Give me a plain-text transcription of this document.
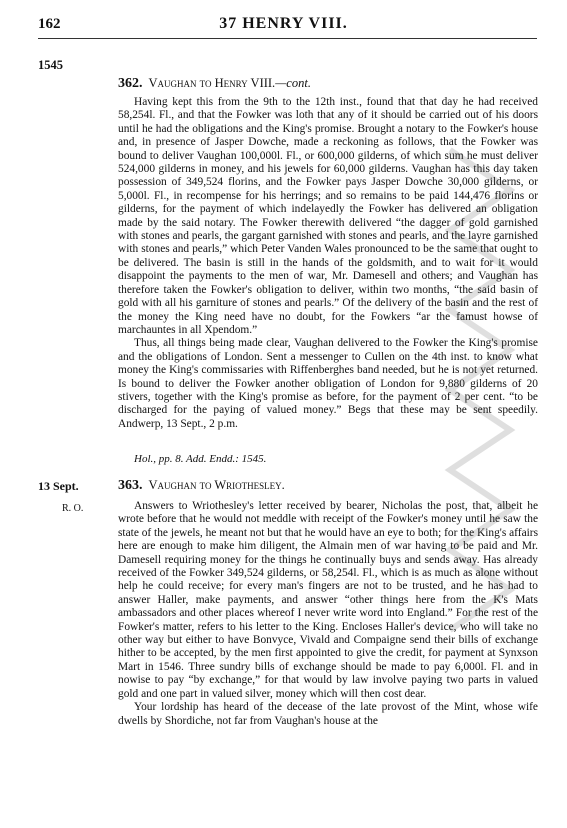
162	37 HENRY VIII.
1545
362. Vaughan to Henry VIII.—cont.

Having kept this from the 9th to the 12th inst., found that that day he had received 58,254l. Fl., and that the Fowker was loth that any of it should be carried out of his doors until he had the obligations and the King's promise. Brought a notary to the Fowker's house and, in presence of Jasper Dowche, made a reckoning as follows, that the Fowker was bound to deliver Vaughan 100,000l. Fl., or 600,000 gilderns, of which sum he must deliver 524,000 gilderns in money, and his jewels for 60,000 gilderns. Vaughan has this day taken possession of 349,524 florins, and the Fowker pays Jasper Dowche 30,000 gilderns, or 5,000l. Fl., in recompense for his herrings; and so remains to be paid 144,476 florins or gilderns, for the payment of which indelayedly the Fowker has delivered an obligation made by the said notary. The Fowker therewith delivered “the dagger of gold garnished with stones and pearls, the gargant garnished with stones and pearls, and the layre garnished with stones and pearls,” which Peter Vanden Wales pronounced to be the same that ought to be delivered. The basin is still in the hands of the goldsmith, and to wait for it would disappoint the payments to the men of war, Mr. Damesell and others; and Vaughan has therefore taken the Fowker's obligation to deliver, within two months, “the said basin of gold with all his garniture of stones and pearls.” Of the delivery of the basin and the rest of the money the King need have no doubt, for the Fowkers “ar the famust howse of marchauntes in all Xpendom.”

Thus, all things being made clear, Vaughan delivered to the Fowker the King's promise and the obligations of London. Sent a messenger to Cullen on the 4th inst. to know what money the King's commissaries with Riffenberghes band needed, but he is not yet returned. Is bound to deliver the Fowker another obligation of London for 9,880 gilderns of 20 stivers, together with the King's promise as before, for the payment of 2 per cent. “to be discharged for the paying of valued money.” Begs that these may be sent speedily. Andwerp, 13 Sept., 2 p.m.

Hol., pp. 8. Add. Endd.: 1545.
13 Sept.
R. O.
363. Vaughan to Wriothesley.

Answers to Wriothesley's letter received by bearer, Nicholas the post, that, albeit he wrote before that he would not meddle with receipt of the Fowker's money until he saw the state of the jewels, he meant not but that he would have an eye to both; for the King's affairs here are enough to make him diligent, the Almain men of war having to be paid and Mr. Damesell requiring money for the things he continually buys and sends away. Has already received of the Fowker 349,524 gilderns, or 58,254l. Fl., which is as much as alone without help he could receive; for every man's fingers are not to be trusted, and he has had to answer Haller, make payments, and answer “other things here from the K's Mats ambassadors and other places whereof I never write word into England.” For the rest of the Fowker's matter, refers to his letter to the King. Encloses Haller's device, who will take no other way but either to have Bonvyce, Vivald and Compaigne send their bills of exchange hither to be accepted, by the men first appointed to give the credit, for payment at Synxson Mart in 1546. Three sundry bills of exchange should be made to pay 6,000l. Fl. and in nowise to pay “by exchange,” for that would by law involve paying two parts in valued gold and one part in valued silver, money which will then cost dear.

Your lordship has heard of the decease of the late provost of the Mint, whose wife dwells by Shordiche, not far from Vaughan's house at the
